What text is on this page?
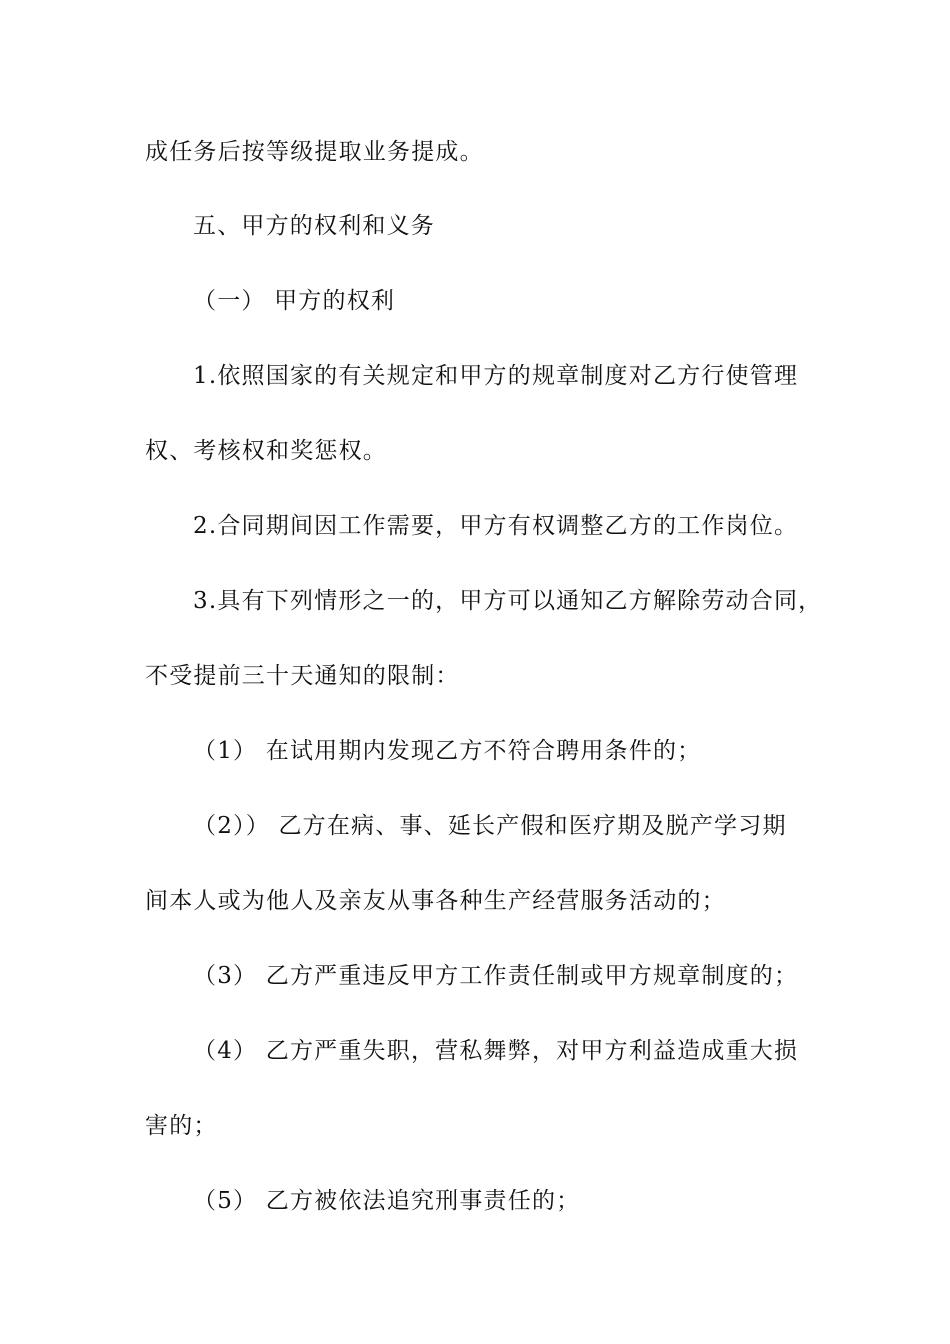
成任务后按等级提取业务提成。
五、甲方的权利和义务
（一） 甲方的权利
1.依照国家的有关规定和甲方的规章制度对乙方行使管理
权、考核权和奖惩权。
2.合同期间因工作需要，甲方有权调整乙方的工作岗位。
3.具有下列情形之一的，甲方可以通知乙方解除劳动合同，
不受提前三十天通知的限制：
（1） 在试用期内发现乙方不符合聘用条件的；
（2）） 乙方在病、事、延长产假和医疗期及脱产学习期
间本人或为他人及亲友从事各种生产经营服务活动的；
（3） 乙方严重违反甲方工作责任制或甲方规章制度的；
（4） 乙方严重失职，营私舞弊，对甲方利益造成重大损
害的；
（5） 乙方被依法追究刑事责任的；
